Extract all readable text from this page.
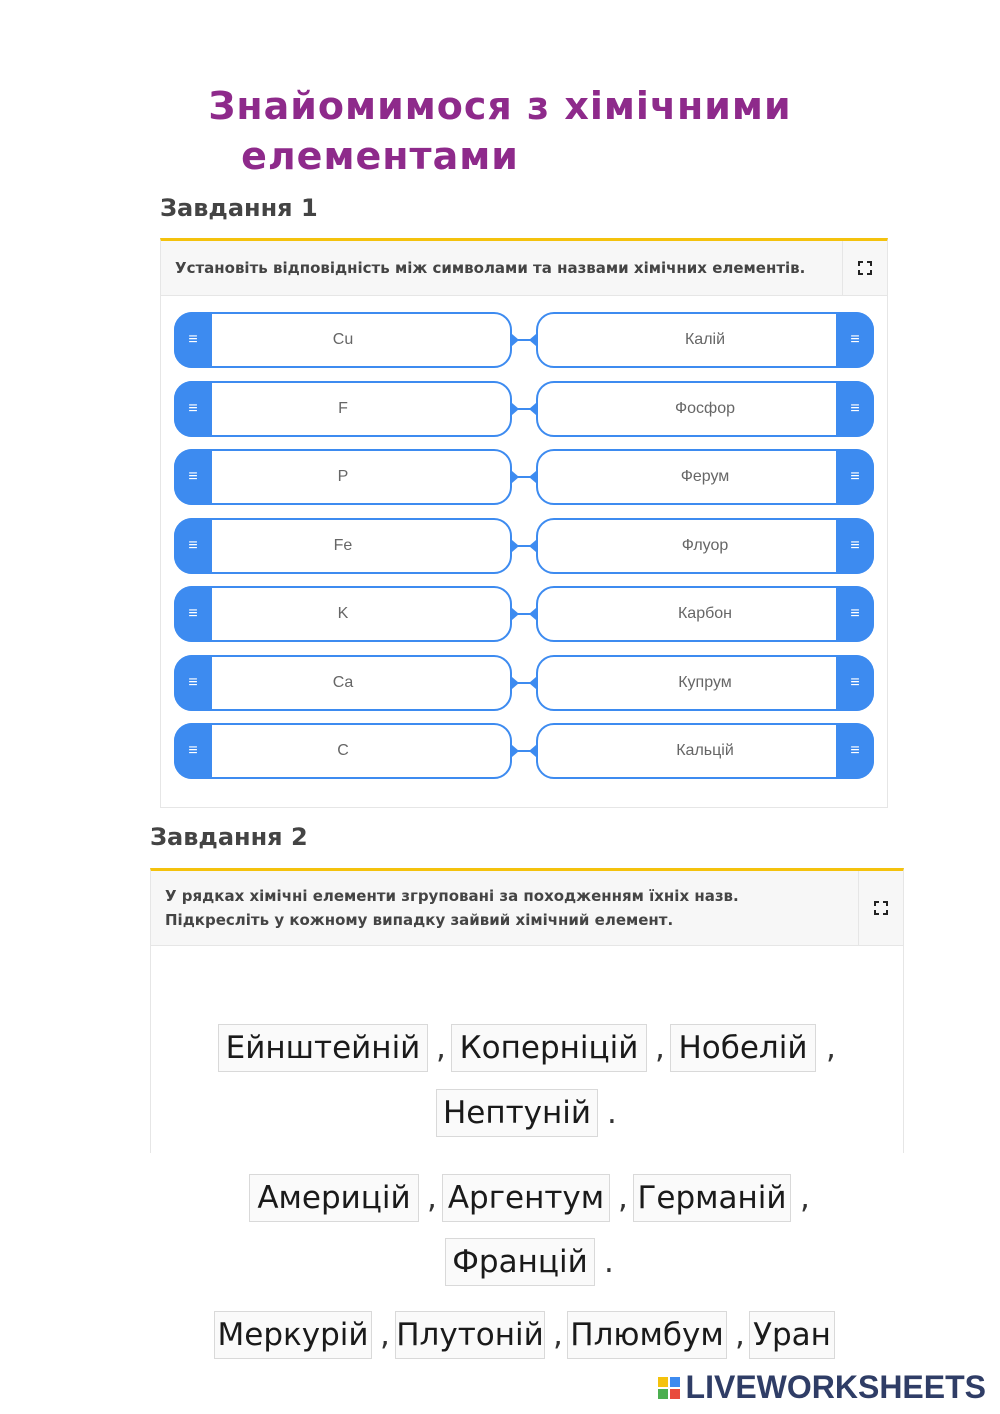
Знайомимося з хімічними
елементами
Завдання 1
Установіть відповідність між символами та назвами хімічних елементів.
≡	Cu	Калій	≡
≡	F	Фосфор	≡
≡	P	Ферум	≡
≡	Fe	Флуор	≡
≡	K	Карбон	≡
≡	Ca	Купрум	≡
≡	C	Кальцій	≡
Завдання 2
У рядках хімічні елементи згруповані за походженням їхніх назв. Підкресліть у кожному випадку зайвий хімічний елемент.
Ейнштейній , Коперніцій , Нобелій ,
Нептуній .
Америцій , Аргентум , Германій ,
Францій .
Меркурій , Плутоній , Плюмбум , Уран
LIVEWORKSHEETS
